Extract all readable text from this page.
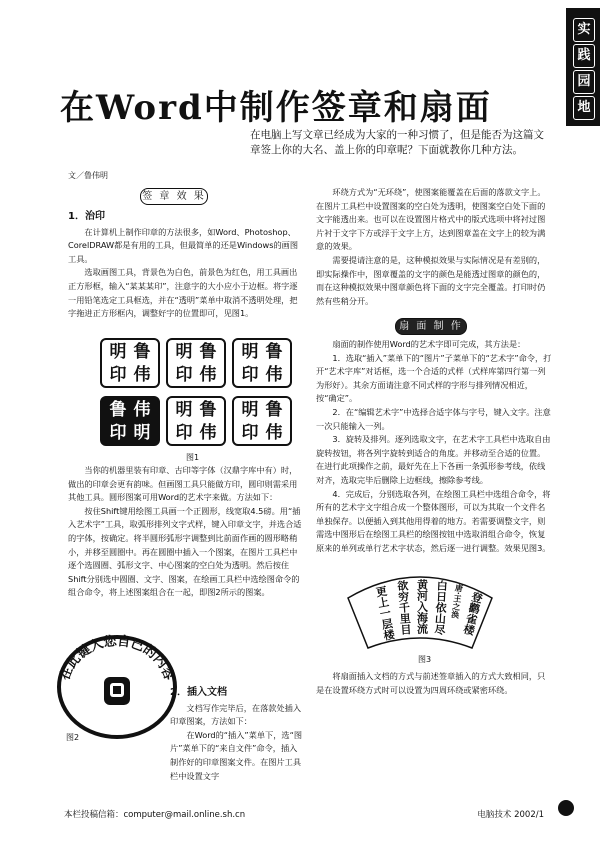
实
践
园
地
在Word中制作签章和扇面
在电脑上写文章已经成为大家的一种习惯了，但是能否为这篇文章签上你的大名、盖上你的印章呢？下面就教你几种方法。
文／鲁伟明
签 章 效 果
扇 面 制 作
1．治印

在计算机上制作印章的方法很多，如Word、Photoshop、CorelDRAW都是有用的工具，但最简单的还是Windows的画图工具。

选取画图工具，背景色为白色，前景色为红色，用工具画出正方形框，输入“某某某印”，注意字的大小应小于边框。将字逐一用铅笔选定工具框选，并在“透明”菜单中取消不透明处理，把字拖进正方形框内，调整好字的位置即可，见图1。

明 鲁
印 伟
明 鲁
印 伟
明 鲁
印 伟
鲁 伟
印 明
明 鲁
印 伟
明 鲁
印 伟
图1

当你的机器里装有印章、古印等字体（汉鼎字库中有）时，做出的印章会更有韵味。但画图工具只能做方印，圆印则需采用其他工具。圆形图案可用Word的艺术字来做。方法如下：

按住Shift键用绘图工具画一个正圆形，线宽取4.5磅。用“插入艺术字”工具，取弧形排列文字式样，键入印章文字，并选合适的字体，按确定。将半圆形弧形字调整到比前面作画的圆形略稍小，并移至圆圈中。再在圆圈中插入一个图案，在图片工具栏中逐个选圆圈、弧形文字、中心图案的空白处为透明。然后按住Shift分别选中圆圈、文字、图案，在绘画工具栏中选绘图命令的组合命令，将上述图案组合在一起，即图2所示的图案。

2．插入文档

文档写作完毕后，在落款处插入印章图案，方法如下：

在Word的“插入”菜单下，选“图片”菜单下的“来自文件”命令，插入制作好的印章图案文件。在图片工具栏中设置文字

在此键入您自己的内容
图2

环绕方式为“无环绕”，使图案能覆盖在后面的落款文字上。在图片工具栏中设置图案的空白处为透明，使图案空白处下面的文字能透出来。也可以在设置图片格式中的版式选项中将衬过图片衬于文字下方或浮于文字上方，达到图章盖在文字上的较为满意的效果。

需要提请注意的是，这种模拟效果与实际情况是有差别的，即实际操作中，图章覆盖的文字的颜色是能透过图章的颜色的，而在这种模拟效果中图章颜色将下面的文字完全覆盖。打印时仍然有些稍分开。

扇面的制作使用Word的艺术字即可完成，其方法是：

1．选取“插入”菜单下的“图片”子菜单下的“艺术字”命令，打开“艺术字库”对话框，选一个合适的式样（式样库第四行第一列为形好）。其余方面请注意不同式样的字形与排列情况相近，按“确定”。

2．在“编辑艺术字”中选择合适字体与字号，键入文字。注意一次只能输入一列。

3．旋转及排列。逐列选取文字，在艺术字工具栏中选取自由旋转按钮，将各列字旋转到适合的角度。并移动至合适的位置。在进行此项操作之前，最好先在上下各画一条弧形参考线，依线对齐，选取完毕后删除上边框线，擦除参考线。

4．完成后，分别选取各列，在绘图工具栏中选组合命令，将所有的艺术字文字组合成一个整体图形，可以为其取一个文件名单独保存。以便插入到其他用得着的地方。若需要调整文字，则需选中图形后在绘图工具栏的绘图按钮中选取消组合命令，恢复原来的单列或单行艺术字状态，然后逐一进行调整。效果见图3。

登鹳雀楼
唐·王之涣
白日依山尽
黄河入海流
欲穷千里目
更上一层楼
图3

将扇面插入文档的方式与前述签章插入的方式大致相同，只是在设置环绕方式时可以设置为四周环绕或紧密环绕。

本栏投稿信箱：computer@mail.online.sh.cn	电脑技术 2002/1
